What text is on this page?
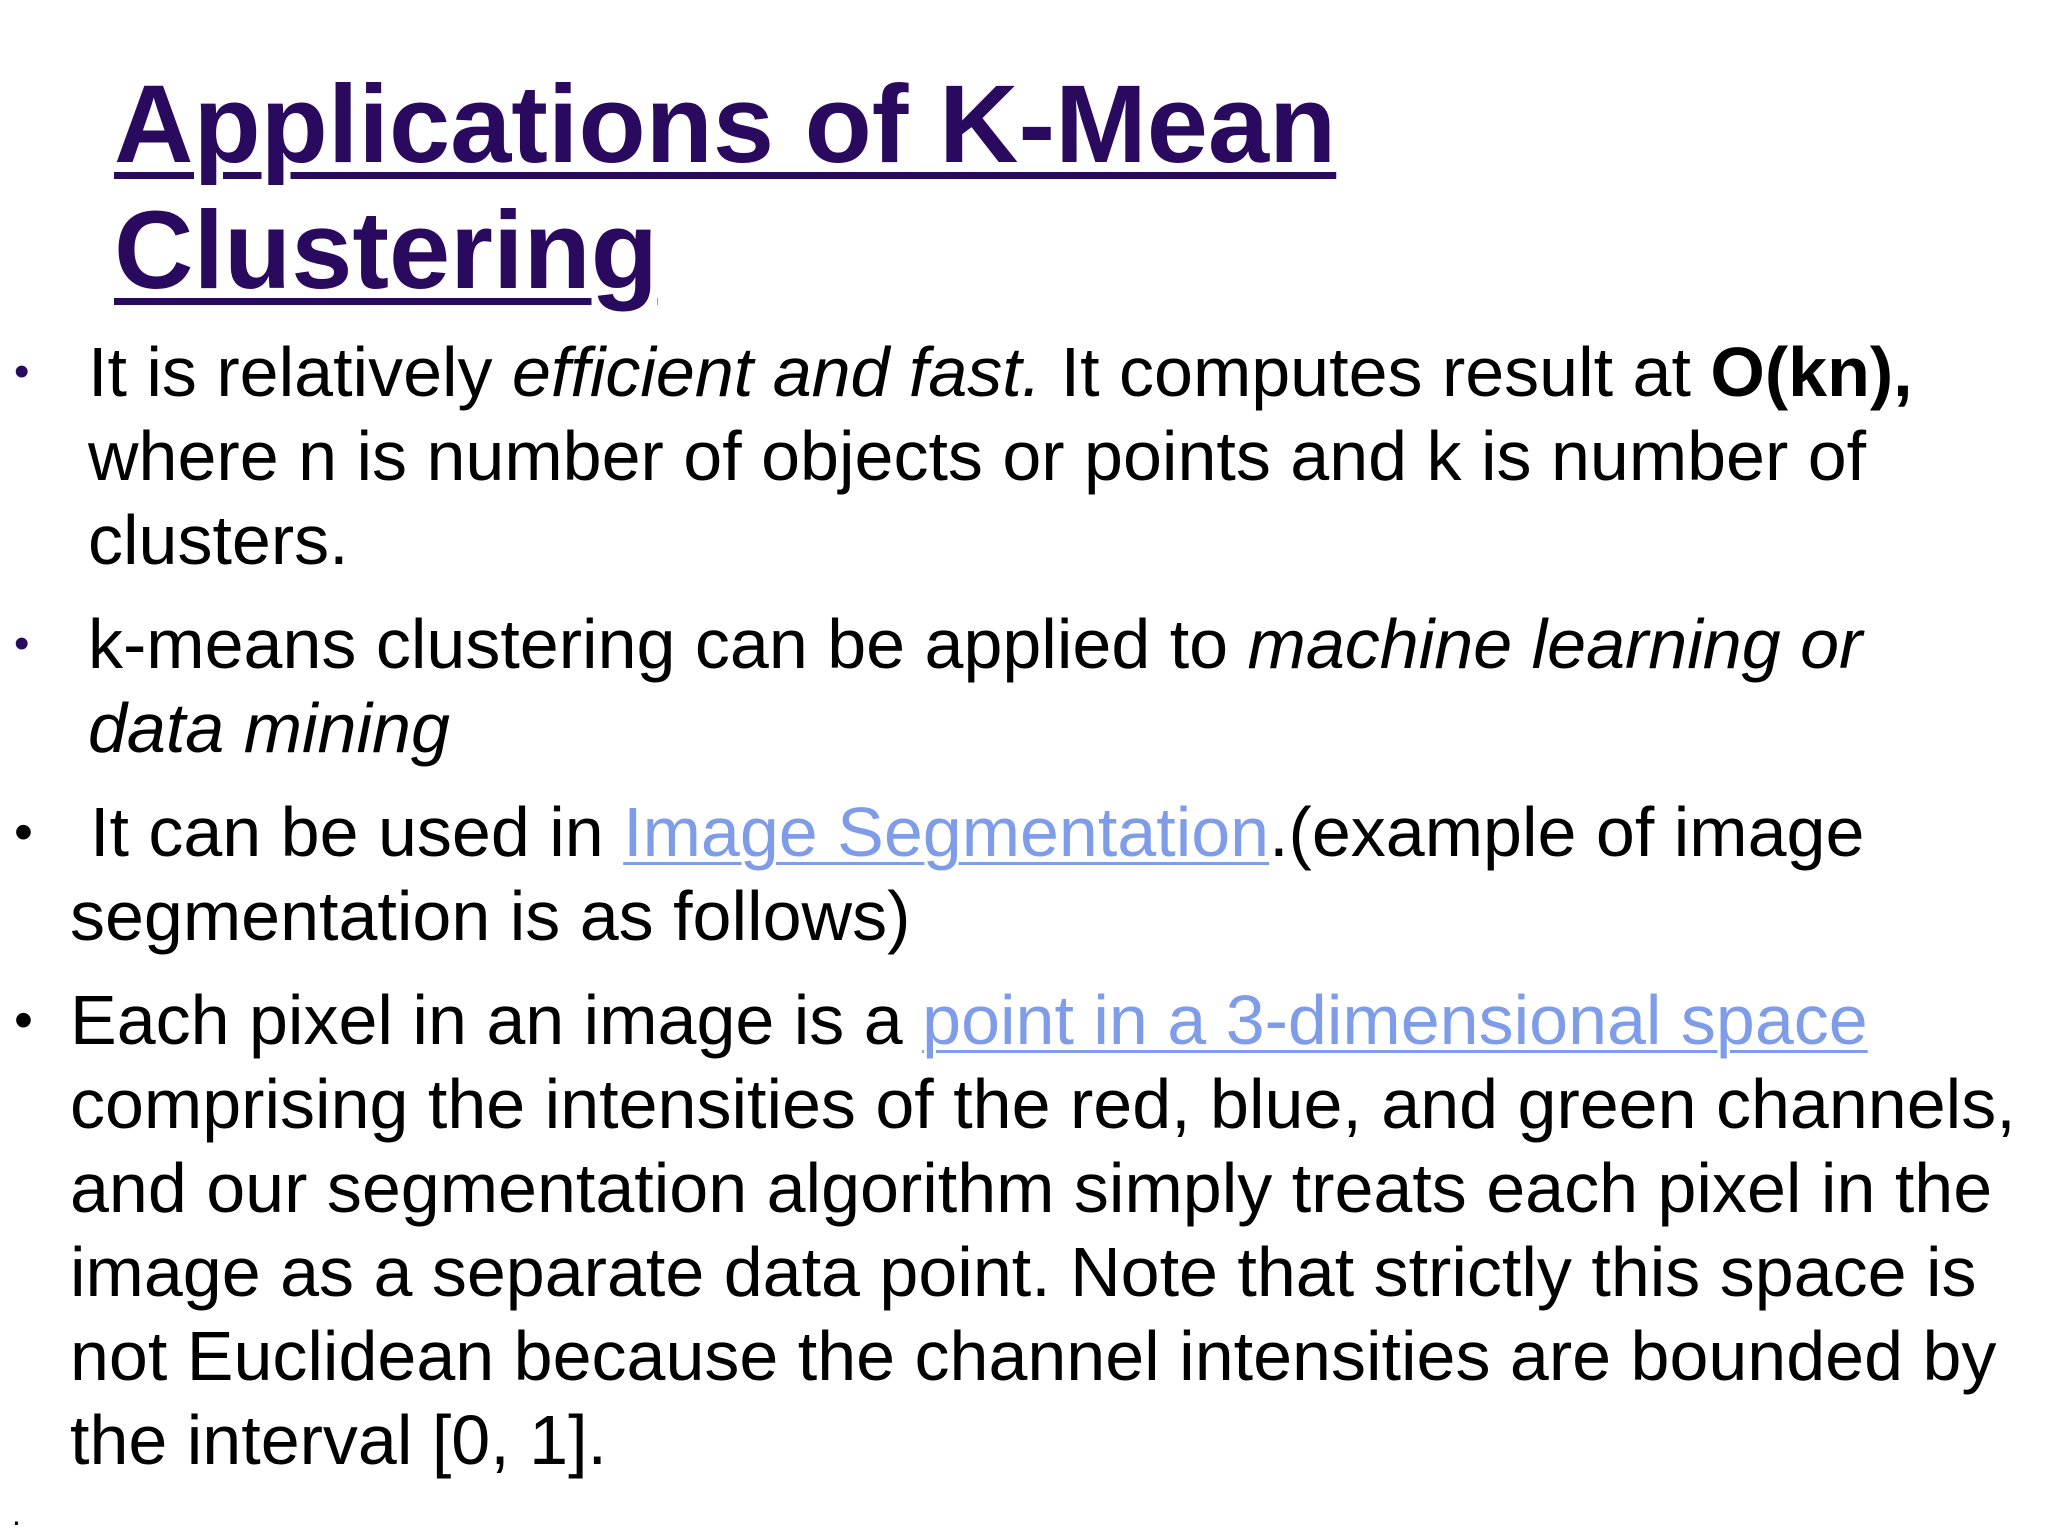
Applications of K-Mean
Clustering
• It is relatively efficient and fast. It computes result at O(kn), where n is number of objects or points and k is number of clusters.
• k-means clustering can be applied to machine learning or data mining
• It can be used in Image Segmentation.(example of image segmentation is as follows)
• Each pixel in an image is a point in a 3-dimensional space comprising the intensities of the red, blue, and green channels, and our segmentation algorithm simply treats each pixel in the image as a separate data point. Note that strictly this space is not Euclidean because the channel intensities are bounded by the interval [0, 1].
.
